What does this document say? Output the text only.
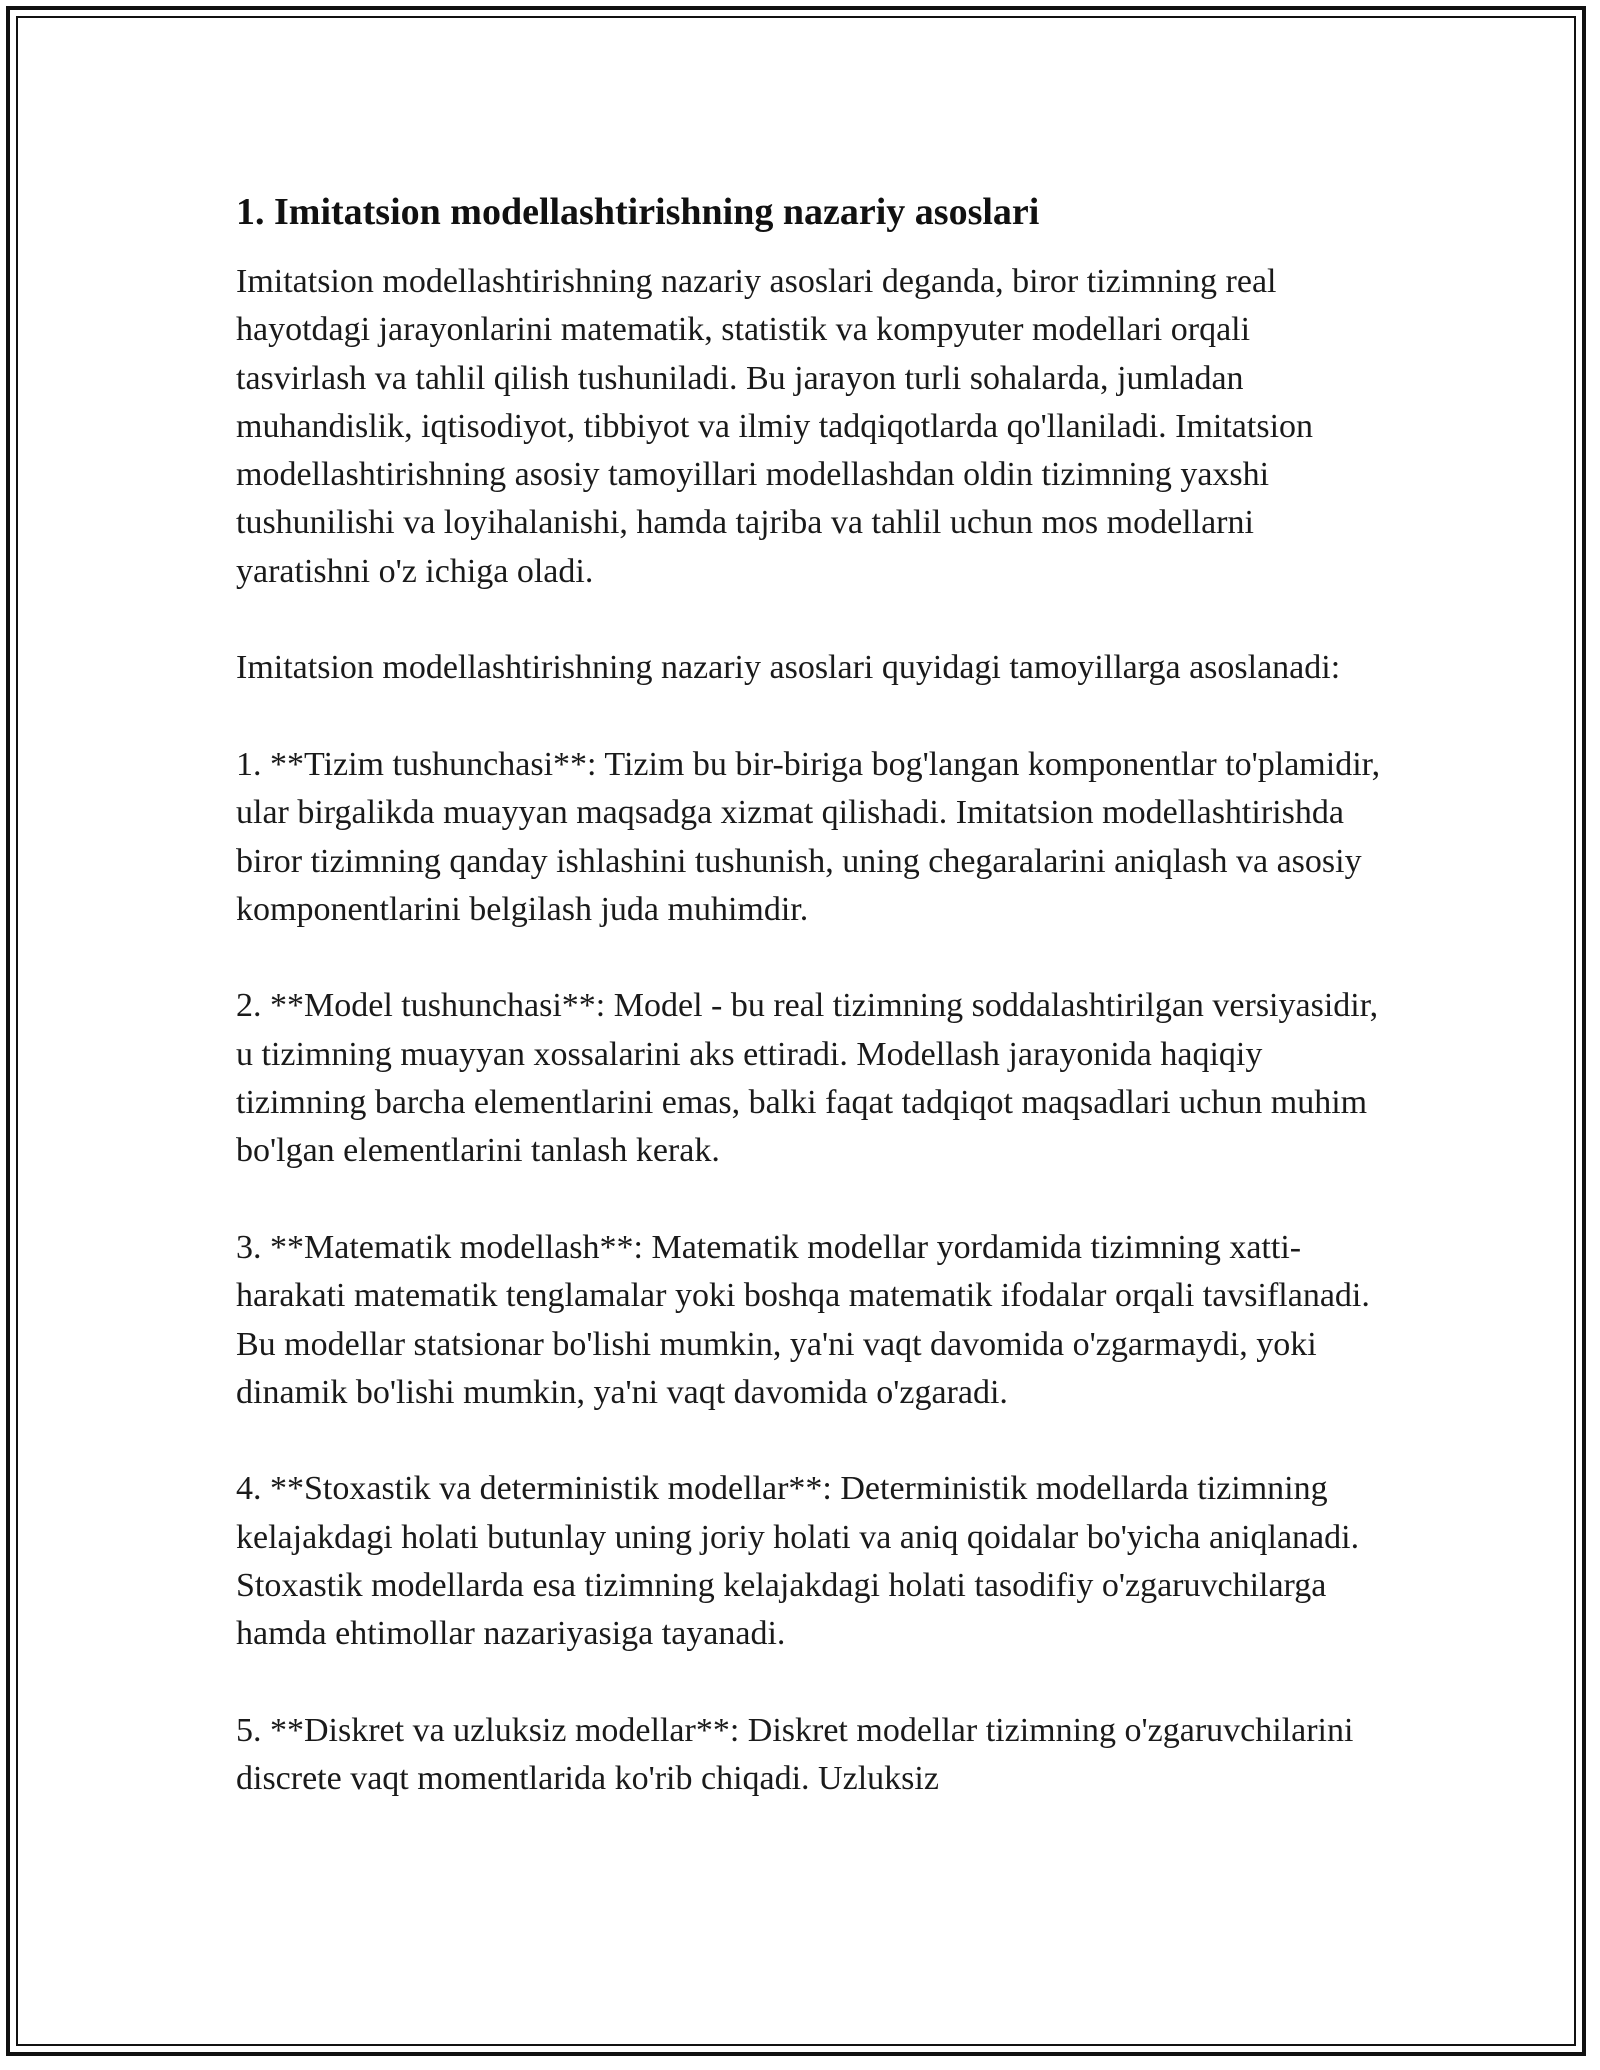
1. Imitatsion modellashtirishning nazariy asoslari

Imitatsion modellashtirishning nazariy asoslari deganda, biror tizimning real hayotdagi jarayonlarini matematik, statistik va kompyuter modellari orqali tasvirlash va tahlil qilish tushuniladi. Bu jarayon turli sohalarda, jumladan muhandislik, iqtisodiyot, tibbiyot va ilmiy tadqiqotlarda qo'llaniladi. Imitatsion modellashtirishning asosiy tamoyillari modellashdan oldin tizimning yaxshi tushunilishi va loyihalanishi, hamda tajriba va tahlil uchun mos modellarni yaratishni o'z ichiga oladi.

Imitatsion modellashtirishning nazariy asoslari quyidagi tamoyillarga asoslanadi:

1. **Tizim tushunchasi**: Tizim bu bir-biriga bog'langan komponentlar to'plamidir, ular birgalikda muayyan maqsadga xizmat qilishadi. Imitatsion modellashtirishda biror tizimning qanday ishlashini tushunish, uning chegaralarini aniqlash va asosiy komponentlarini belgilash juda muhimdir.

2. **Model tushunchasi**: Model - bu real tizimning soddalashtirilgan versiyasidir, u tizimning muayyan xossalarini aks ettiradi. Modellash jarayonida haqiqiy tizimning barcha elementlarini emas, balki faqat tadqiqot maqsadlari uchun muhim bo'lgan elementlarini tanlash kerak.

3. **Matematik modellash**: Matematik modellar yordamida tizimning xatti-harakati matematik tenglamalar yoki boshqa matematik ifodalar orqali tavsiflanadi. Bu modellar statsionar bo'lishi mumkin, ya'ni vaqt davomida o'zgarmaydi, yoki dinamik bo'lishi mumkin, ya'ni vaqt davomida o'zgaradi.

4. **Stoxastik va deterministik modellar**: Deterministik modellarda tizimning kelajakdagi holati butunlay uning joriy holati va aniq qoidalar bo'yicha aniqlanadi. Stoxastik modellarda esa tizimning kelajakdagi holati tasodifiy o'zgaruvchilarga hamda ehtimollar nazariyasiga tayanadi.

5. **Diskret va uzluksiz modellar**: Diskret modellar tizimning o'zgaruvchilarini discrete vaqt momentlarida ko'rib chiqadi. Uzluksiz
